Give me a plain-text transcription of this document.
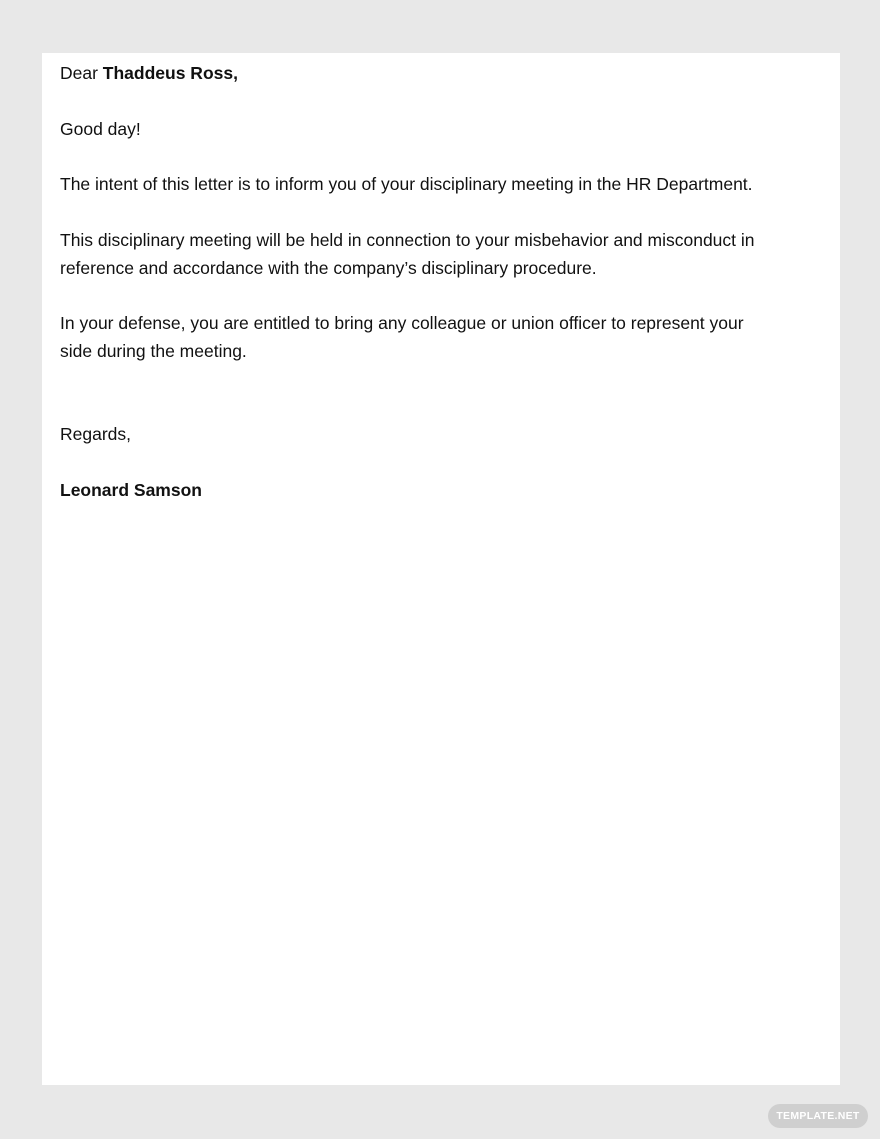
Dear Thaddeus Ross,
Good day!
The intent of this letter is to inform you of your disciplinary meeting in the HR Department.
This disciplinary meeting will be held in connection to your misbehavior and misconduct in
reference and accordance with the company’s disciplinary procedure.
In your defense, you are entitled to bring any colleague or union officer to represent your
side during the meeting.
Regards,
Leonard Samson
TEMPLATE.NET
